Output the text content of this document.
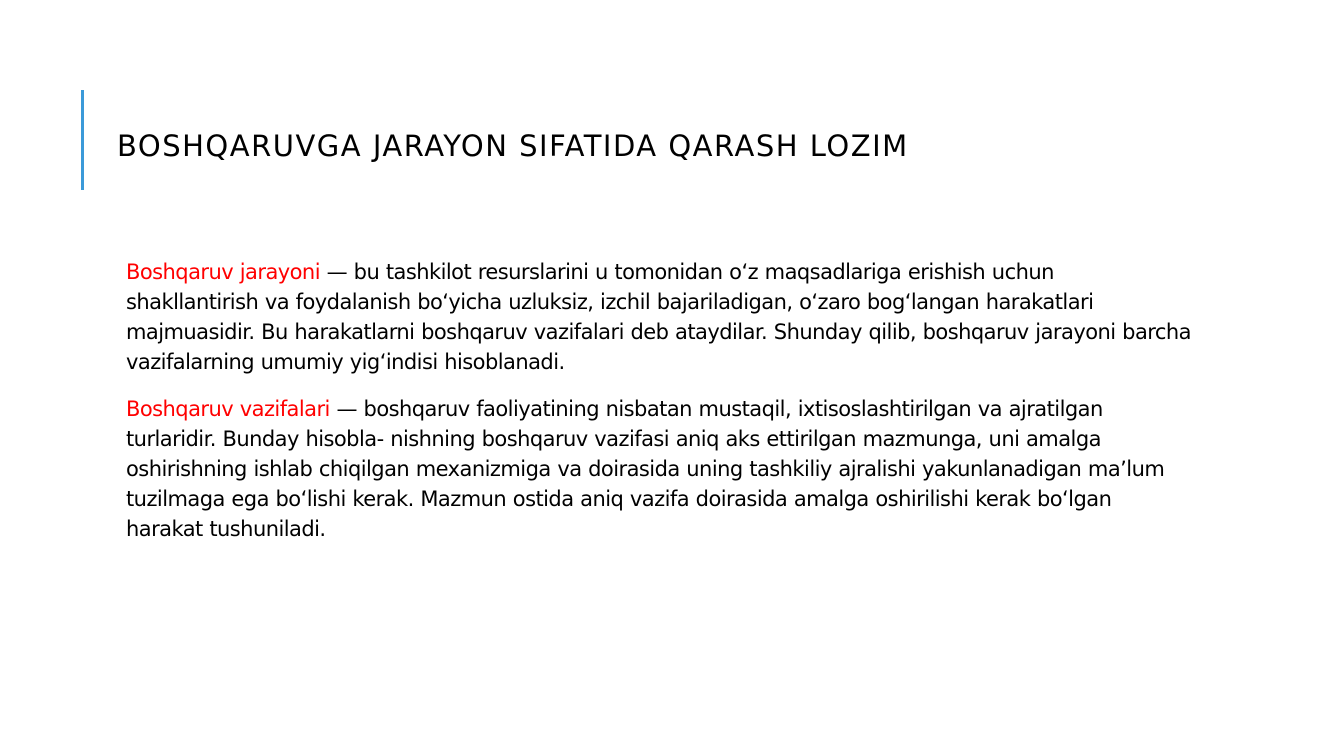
BOSHQARUVGA JARAYON SIFATIDA QARASH LOZIM

Boshqaruv jarayoni — bu tashkilot resurslarini u tomonidan oʻz maqsadlariga erishish uchun shakllantirish va foydalanish boʻyicha uzluksiz, izchil bajariladigan, oʻzaro bogʻlangan harakatlari majmuasidir. Bu harakatlarni boshqaruv vazifalari deb ataydilar. Shunday qilib, boshqaruv jarayoni barcha vazifalarning umumiy yigʻindisi hisoblanadi.

Boshqaruv vazifalari — boshqaruv faoliyatining nisbatan mustaqil, ixtisoslashtirilgan va ajratilgan turlaridir. Bunday hisobla- nishning boshqaruv vazifasi aniq aks ettirilgan mazmunga, uni amalga oshirishning ishlab chiqilgan mexanizmiga va doirasida uning tashkiliy ajralishi yakunlanadigan maʼlum tuzilmaga ega boʻlishi kerak. Mazmun ostida aniq vazifa doirasida amalga oshirilishi kerak boʻlgan harakat tushuniladi.
